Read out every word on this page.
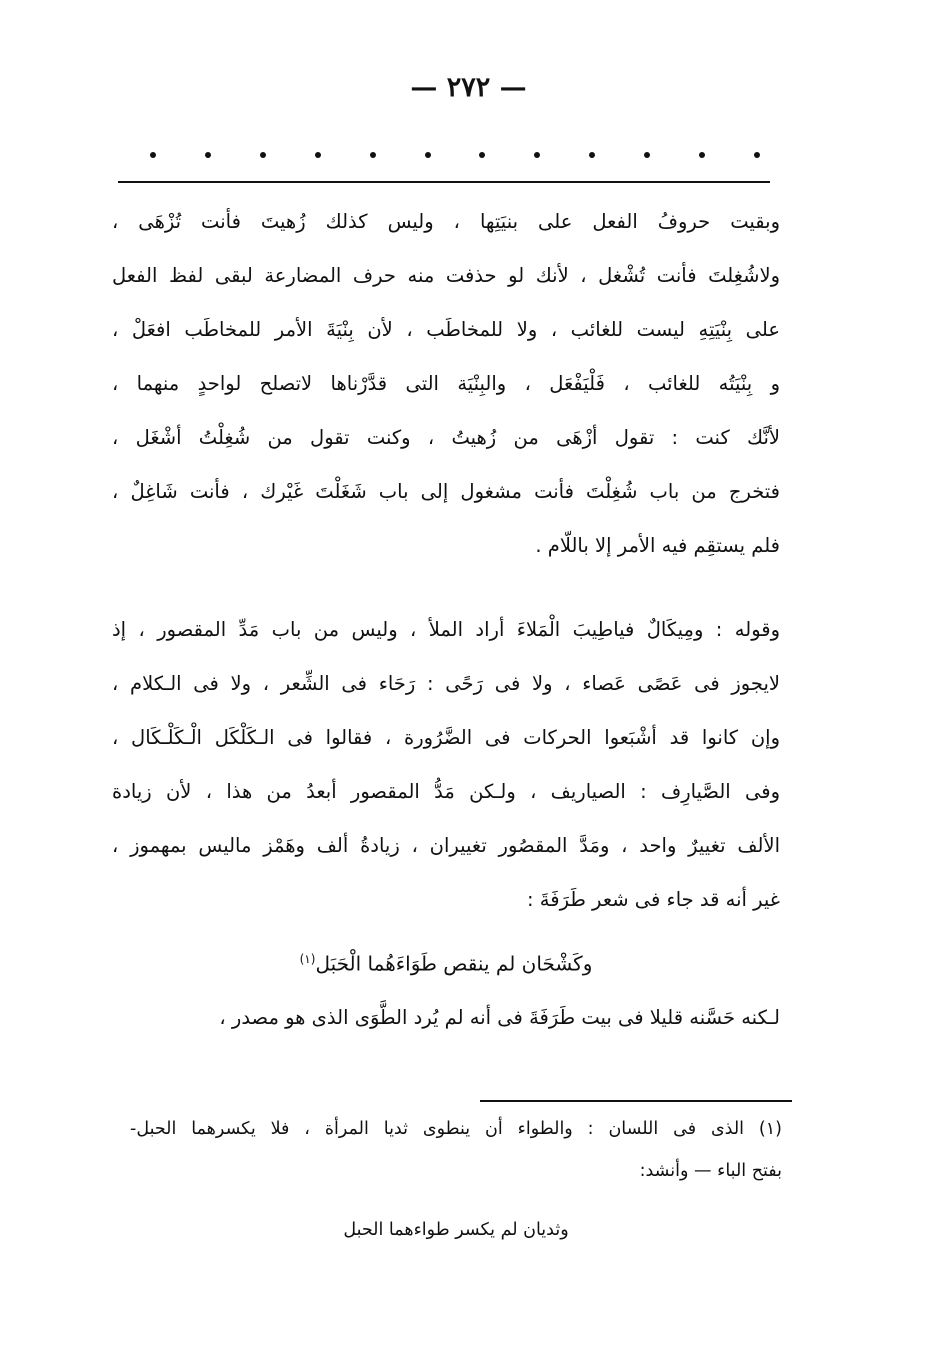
— ٢٧٢ —
وبقيت حروفُ الفعل على بنيَتِها ، وليس كذلك زُهيتَ فأنت تُزْهَى ،
ولاشُغِلتَ فأنت تُشْغل ، لأنك لو حذفت منه حرف المضارعة لبقى لفظ الفعل
على بِنْيَتِهِ ليست للغائب ، ولا للمخاطَب ، لأن بِنْيَةَ الأمر للمخاطَب افعَلْ ،
و بِنْيَتُه للغائب ، فَلْيَفْعَل ، والبِنْيَة التى قدَّرْناها لاتصلح لواحدٍ منهما ،
لأنَّك كنت : تقول أزْهَى من زُهيتُ ، وكنت تقول من شُغِلْتُ أشْغَل ،
فتخرج من باب شُغِلْتَ فأنت مشغول إلى باب شَغَلْتَ غَيْرك ، فأنت شَاغِلٌ ،
فلم يستقِم فيه الأمر إلا باللّام .
وقوله : ومِيكَالٌ فياطِيبَ الْمَلاءَ أراد الملأ ، وليس من باب مَدِّ المقصور ، إذ
لايجوز فى عَصًى عَصاء ، ولا فى رَحًى : رَحَاء فى الشِّعر ، ولا فى الـكلام ،
وإن كانوا قد أشْبَعوا الحركات فى الضَّرُورة ، فقالوا فى الـكَلْكَل الْـكَلْـكَال ،
وفى الصَّيارِف : الصياريف ، ولـكن مَدُّ المقصور أبعدُ من هذا ، لأن زيادة
الألف تغييرٌ واحد ، ومَدَّ المقصُور تغييران ، زيادةُ ألف وهَمْز ماليس بمهموز ،
غير أنه قد جاء فى شعر طَرَفَةَ :
وكَشْحَان لم ينقص طَوَاءَهُما الْحَبَل$^{(١)}$
لـكنه حَسَّنه قليلا فى بيت طَرَفَةَ فى أنه لم يُرد الطَّوَى الذى هو مصدر ،
(١) الذى فى اللسان : والطواء أن ينطوى ثديا المرأة ، فلا يكسرهما الحبل-
بفتح الباء — وأنشد:
وثديان لم يكسر طواءهما الحبل
